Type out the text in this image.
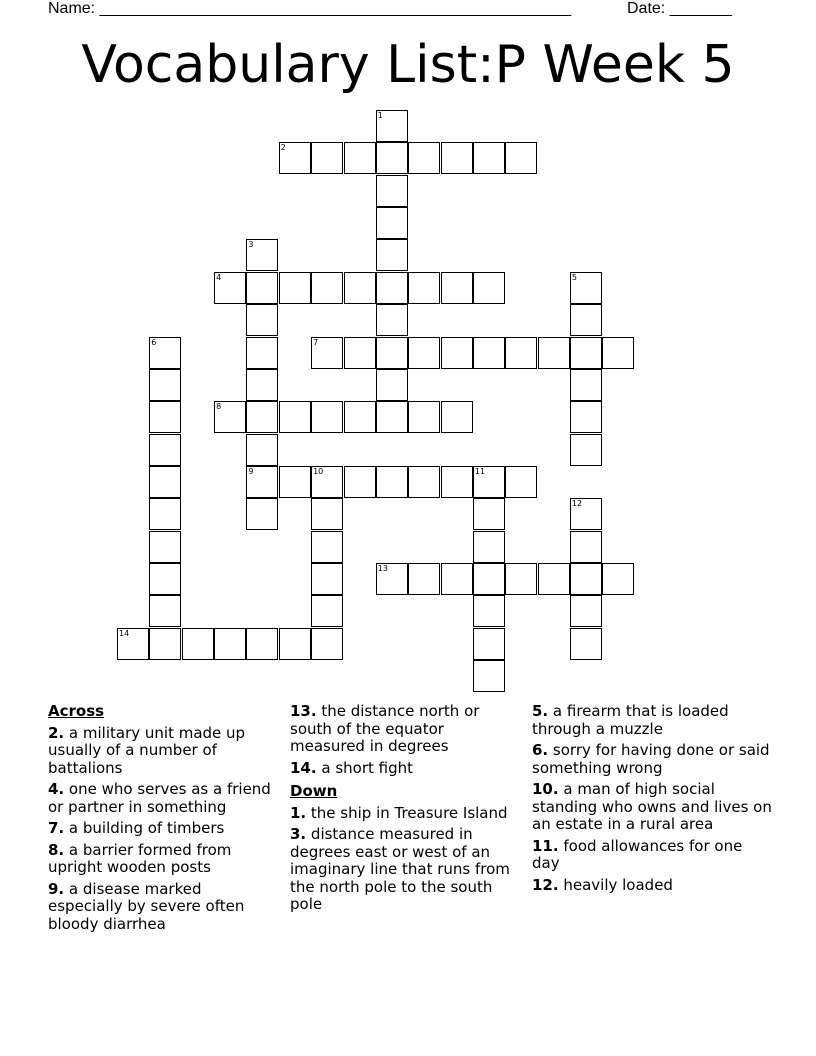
Name: _____________________________________________________	Date: _______
Vocabulary List:P Week 5
1
2
3
9
4	5
6	7
8
10	11
12
13
14
Across
2. a military unit made up usually of a number of battalions
4. one who serves as a friend or partner in something
7. a building of timbers
8. a barrier formed from upright wooden posts
9. a disease marked especially by severe often bloody diarrhea
13. the distance north or south of the equator measured in degrees
14. a short fight
Down
1. the ship in Treasure Island
3. distance measured in degrees east or west of an imaginary line that runs from the north pole to the south pole
5. a firearm that is loaded through a muzzle
6. sorry for having done or said something wrong
10. a man of high social standing who owns and lives on an estate in a rural area
11. food allowances for one day
12. heavily loaded
